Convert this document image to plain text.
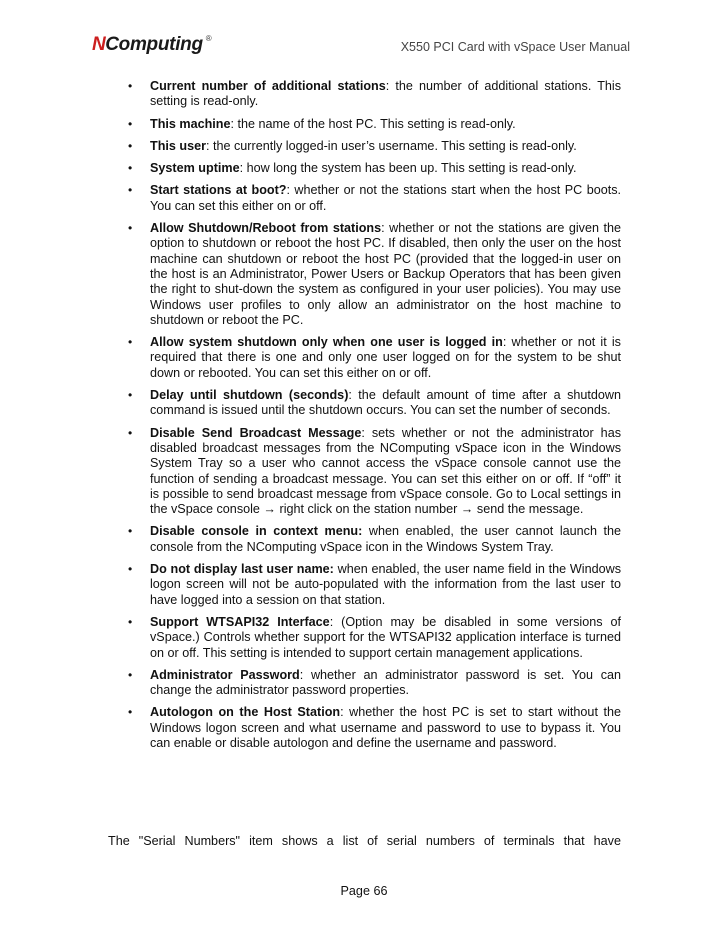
NComputing ®
X550 PCI Card with vSpace User Manual
• Current number of additional stations: the number of additional stations. This setting is read-only.
• This machine: the name of the host PC. This setting is read-only.
• This user: the currently logged-in user’s username. This setting is read-only.
• System uptime: how long the system has been up. This setting is read-only.
• Start stations at boot?: whether or not the stations start when the host PC boots. You can set this either on or off.
• Allow Shutdown/Reboot from stations: whether or not the stations are given the option to shutdown or reboot the host PC. If disabled, then only the user on the host machine can shutdown or reboot the host PC (provided that the logged-in user on the host is an Administrator, Power Users or Backup Operators that has been given the right to shut-down the system as configured in your user policies). You may use Windows user profiles to only allow an administrator on the host machine to shutdown or reboot the PC.
• Allow system shutdown only when one user is logged in: whether or not it is required that there is one and only one user logged on for the system to be shut down or rebooted. You can set this either on or off.
• Delay until shutdown (seconds): the default amount of time after a shutdown command is issued until the shutdown occurs. You can set the number of seconds.
• Disable Send Broadcast Message: sets whether or not the administrator has disabled broadcast messages from the NComputing vSpace icon in the Windows System Tray so a user who cannot access the vSpace console cannot use the function of sending a broadcast message. You can set this either on or off. If “off” it is possible to send broadcast message from vSpace console. Go to Local settings in the vSpace console → right click on the station number → send the message.
• Disable console in context menu: when enabled, the user cannot launch the console from the NComputing vSpace icon in the Windows System Tray.
• Do not display last user name: when enabled, the user name field in the Windows logon screen will not be auto-populated with the information from the last user to have logged into a session on that station.
• Support WTSAPI32 Interface: (Option may be disabled in some versions of vSpace.) Controls whether support for the WTSAPI32 application interface is turned on or off. This setting is intended to support certain management applications.
• Administrator Password: whether an administrator password is set. You can change the administrator password properties.
• Autologon on the Host Station: whether the host PC is set to start without the Windows logon screen and what username and password to use to bypass it. You can enable or disable autologon and define the username and password.
The "Serial Numbers" item shows a list of serial numbers of terminals that have
Page 66
